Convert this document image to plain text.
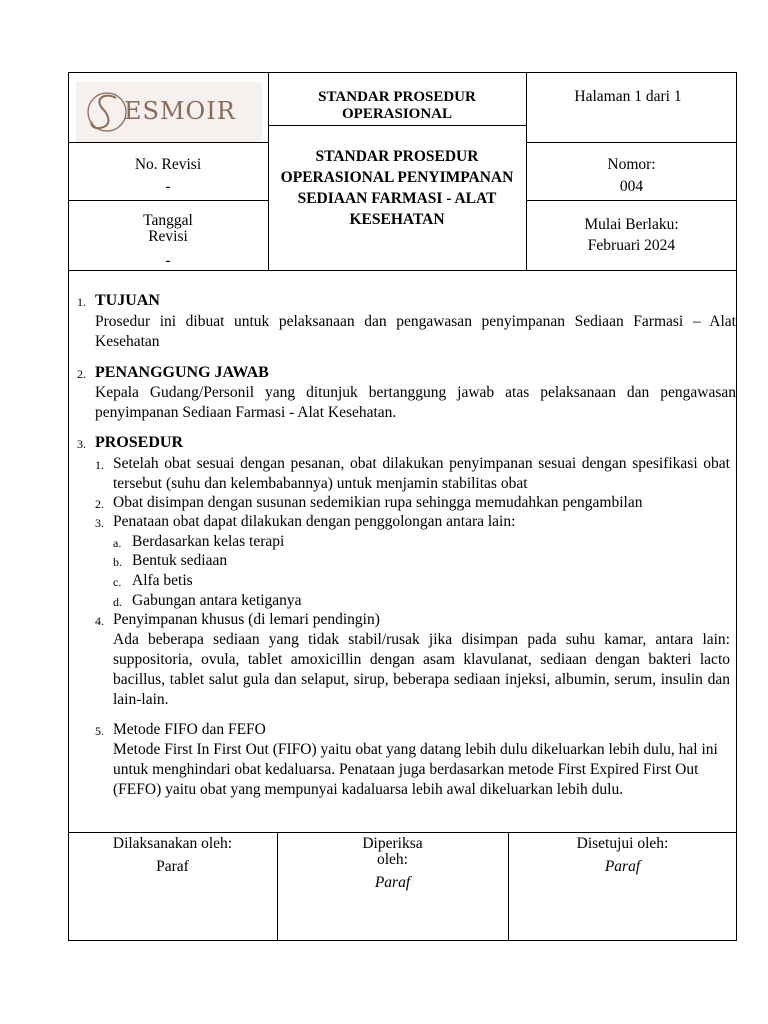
ESMOIR	STANDAR PROSEDUR OPERASIONAL
Halaman 1 dari 1
No. Revisi
-
STANDAR PROSEDUR OPERASIONAL PENYIMPANAN SEDIAAN FARMASI - ALAT KESEHATAN
Nomor:
004
Tanggal
Revisi
-
Mulai Berlaku:
Februari 2024
1. TUJUAN
Prosedur ini dibuat untuk pelaksanaan dan pengawasan penyimpanan Sediaan Farmasi – Alat Kesehatan
2. PENANGGUNG JAWAB
Kepala Gudang/Personil yang ditunjuk bertanggung jawab atas pelaksanaan dan pengawasan penyimpanan Sediaan Farmasi - Alat Kesehatan.
3. PROSEDUR
1. Setelah obat sesuai dengan pesanan, obat dilakukan penyimpanan sesuai dengan spesifikasi obat tersebut (suhu dan kelembabannya) untuk menjamin stabilitas obat
2. Obat disimpan dengan susunan sedemikian rupa sehingga memudahkan pengambilan
3. Penataan obat dapat dilakukan dengan penggolongan antara lain:
a. Berdasarkan kelas terapi
b. Bentuk sediaan
c. Alfa betis
d. Gabungan antara ketiganya
4. Penyimpanan khusus (di lemari pendingin)
Ada beberapa sediaan yang tidak stabil/rusak jika disimpan pada suhu kamar, antara lain: suppositoria, ovula, tablet amoxicillin dengan asam klavulanat, sediaan dengan bakteri lacto bacillus, tablet salut gula dan selaput, sirup, beberapa sediaan injeksi, albumin, serum, insulin dan lain-lain.
5. Metode FIFO dan FEFO
Metode First In First Out (FIFO) yaitu obat yang datang lebih dulu dikeluarkan lebih dulu, hal ini untuk menghindari obat kedaluarsa. Penataan juga berdasarkan metode First Expired First Out (FEFO) yaitu obat yang mempunyai kadaluarsa lebih awal dikeluarkan lebih dulu.
Dilaksanakan oleh:
Paraf
Diperiksa
oleh:
Paraf
Disetujui oleh:
Paraf
